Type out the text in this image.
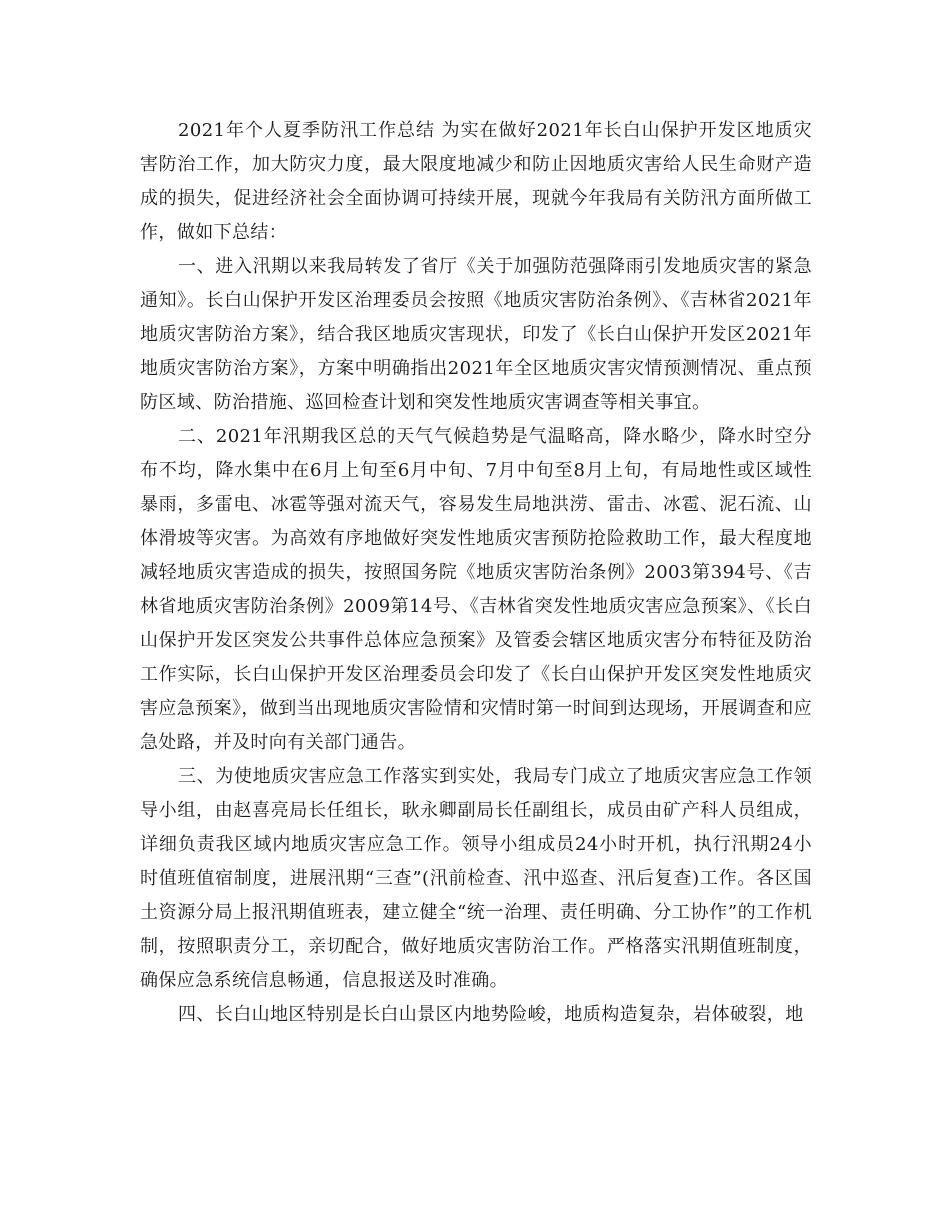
2021年个人夏季防汛工作总结 为实在做好2021年长白山保护开发区地质灾害防治工作，加大防灾力度，最大限度地减少和防止因地质灾害给人民生命财产造成的损失，促进经济社会全面协调可持续开展，现就今年我局有关防汛方面所做工作，做如下总结：

一、进入汛期以来我局转发了省厅《关于加强防范强降雨引发地质灾害的紧急通知》。长白山保护开发区治理委员会按照《地质灾害防治条例》、《吉林省2021年地质灾害防治方案》，结合我区地质灾害现状，印发了《长白山保护开发区2021年地质灾害防治方案》，方案中明确指出2021年全区地质灾害灾情预测情况、重点预防区域、防治措施、巡回检查计划和突发性地质灾害调查等相关事宜。

二、2021年汛期我区总的天气气候趋势是气温略高，降水略少，降水时空分布不均，降水集中在6月上旬至6月中旬、7月中旬至8月上旬，有局地性或区域性暴雨，多雷电、冰雹等强对流天气，容易发生局地洪涝、雷击、冰雹、泥石流、山体滑坡等灾害。为高效有序地做好突发性地质灾害预防抢险救助工作，最大程度地减轻地质灾害造成的损失，按照国务院《地质灾害防治条例》2003第394号、《吉林省地质灾害防治条例》2009第14号、《吉林省突发性地质灾害应急预案》、《长白山保护开发区突发公共事件总体应急预案》及管委会辖区地质灾害分布特征及防治工作实际，长白山保护开发区治理委员会印发了《长白山保护开发区突发性地质灾害应急预案》，做到当出现地质灾害险情和灾情时第一时间到达现场，开展调查和应急处路，并及时向有关部门通告。

三、为使地质灾害应急工作落实到实处，我局专门成立了地质灾害应急工作领导小组，由赵喜亮局长任组长，耿永卿副局长任副组长，成员由矿产科人员组成，详细负责我区域内地质灾害应急工作。领导小组成员24小时开机，执行汛期24小时值班值宿制度，进展汛期“三查”(汛前检查、汛中巡查、汛后复查)工作。各区国土资源分局上报汛期值班表，建立健全“统一治理、责任明确、分工协作”的工作机制，按照职责分工，亲切配合，做好地质灾害防治工作。严格落实汛期值班制度，确保应急系统信息畅通，信息报送及时准确。

四、长白山地区特别是长白山景区内地势险峻，地质构造复杂，岩体破裂，地
